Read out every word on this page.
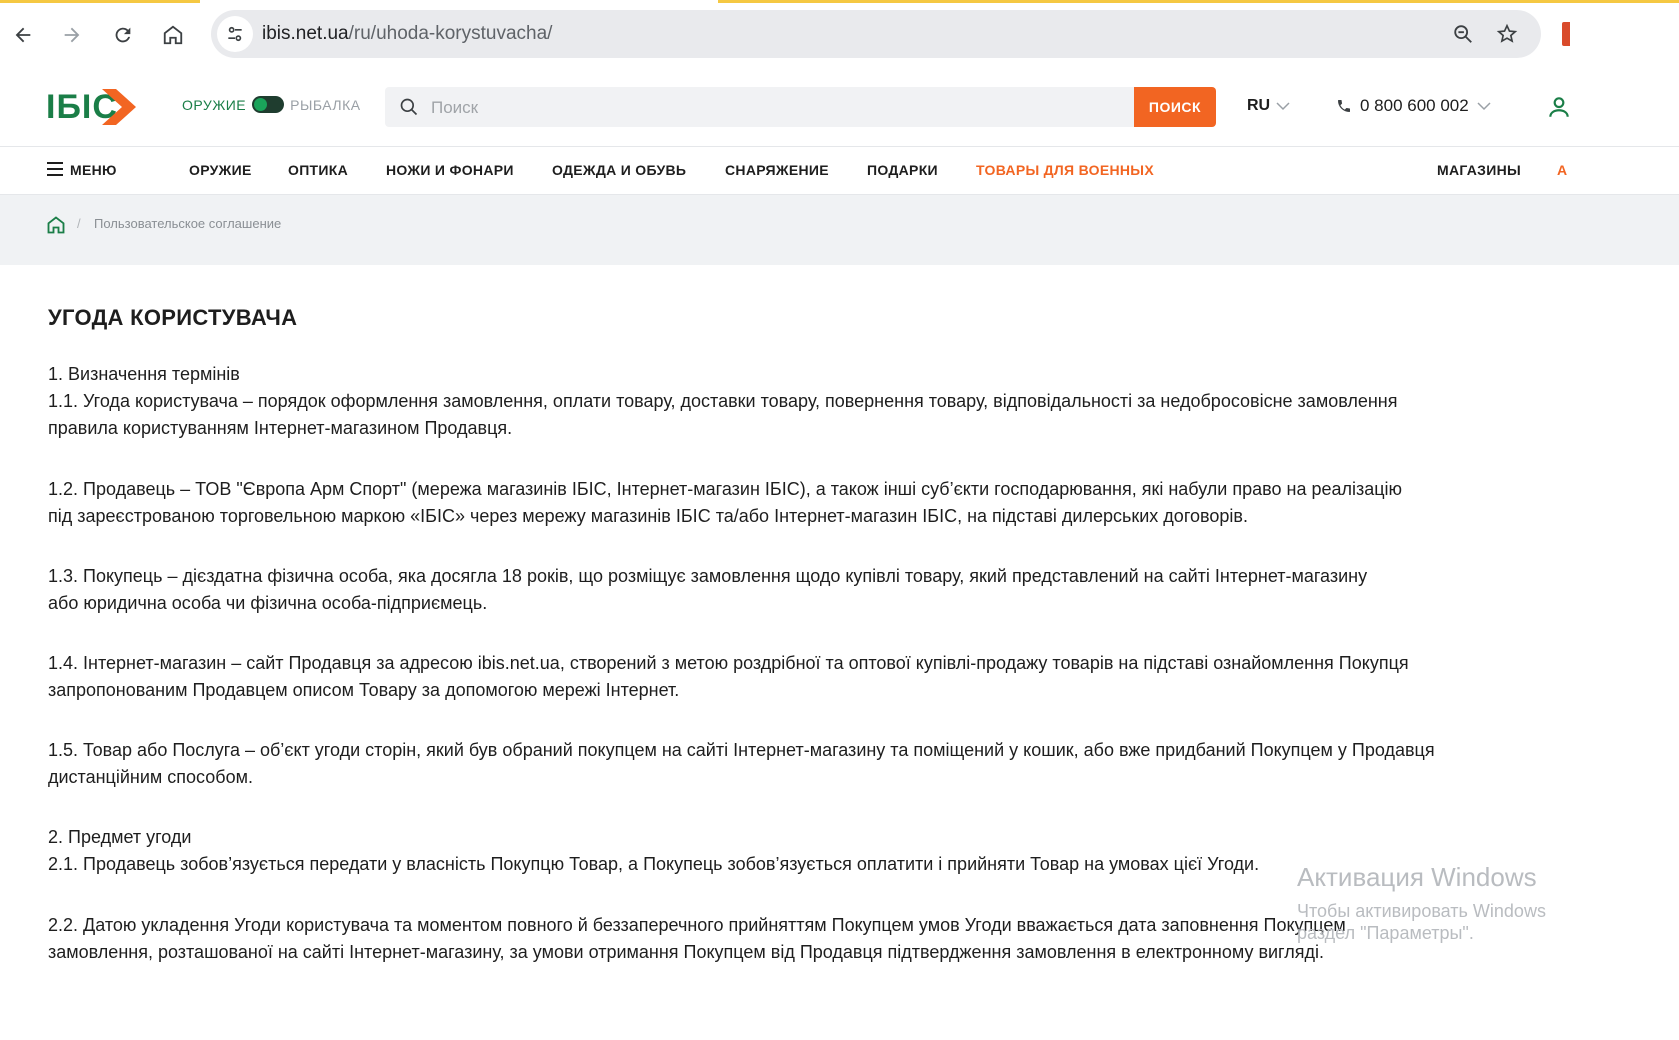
ibis.net.ua/ru/uhoda-korystuvacha/
ІБІС	ОРУЖИЕ	РЫБАЛКА
Поиск	ПОИСК	RU	0 800 600 002
МЕНЮ	ОРУЖИЕ	ОПТИКА	НОЖИ И ФОНАРИ	ОДЕЖДА И ОБУВЬ	СНАРЯЖЕНИЕ	ПОДАРКИ	ТОВАРЫ ДЛЯ ВОЕННЫХ	МАГАЗИНЫ	А
/ Пользовательское соглашение
УГОДА КОРИСТУВАЧА

1. Визначення термінів

1.1. Угода користувача – порядок оформлення замовлення, оплати товару, доставки товару, повернення товару, відповідальності за недобросовісне замовлення

правила користуванням Інтернет-магазином Продавця.

1.2. Продавець – ТОВ "Європа Арм Спорт" (мережа магазинів ІБІС, Інтернет-магазин ІБІС), а також інші суб’єкти господарювання, які набули право на реалізацію

під зареєстрованою торговельною маркою «ІБІС» через мережу магазинів ІБІС та/або Інтернет-магазин ІБІС, на підставі дилерських договорів.

1.3. Покупець – дієздатна фізична особа, яка досягла 18 років, що розміщує замовлення щодо купівлі товару, який представлений на сайті Інтернет-магазину

або юридична особа чи фізична особа-підприємець.

1.4. Інтернет-магазин – сайт Продавця за адресою ibis.net.ua, створений з метою роздрібної та оптової купівлі-продажу товарів на підставі ознайомлення Покупця

запропонованим Продавцем описом Товару за допомогою мережі Інтернет.

1.5. Товар або Послуга – об’єкт угоди сторін, який був обраний покупцем на сайті Інтернет-магазину та поміщений у кошик, або вже придбаний Покупцем у Продавця

дистанційним способом.

2. Предмет угоди

2.1. Продавець зобов’язується передати у власність Покупцю Товар, а Покупець зобов’язується оплатити і прийняти Товар на умовах цієї Угоди.

2.2. Датою укладення Угоди користувача та моментом повного й беззаперечного прийняттям Покупцем умов Угоди вважається дата заповнення Покупцем

замовлення, розташованої на сайті Інтернет-магазину, за умови отримання Покупцем від Продавця підтвердження замовлення в електронному вигляді.

Активация Windows
Чтобы активировать Windows
раздел "Параметры".
